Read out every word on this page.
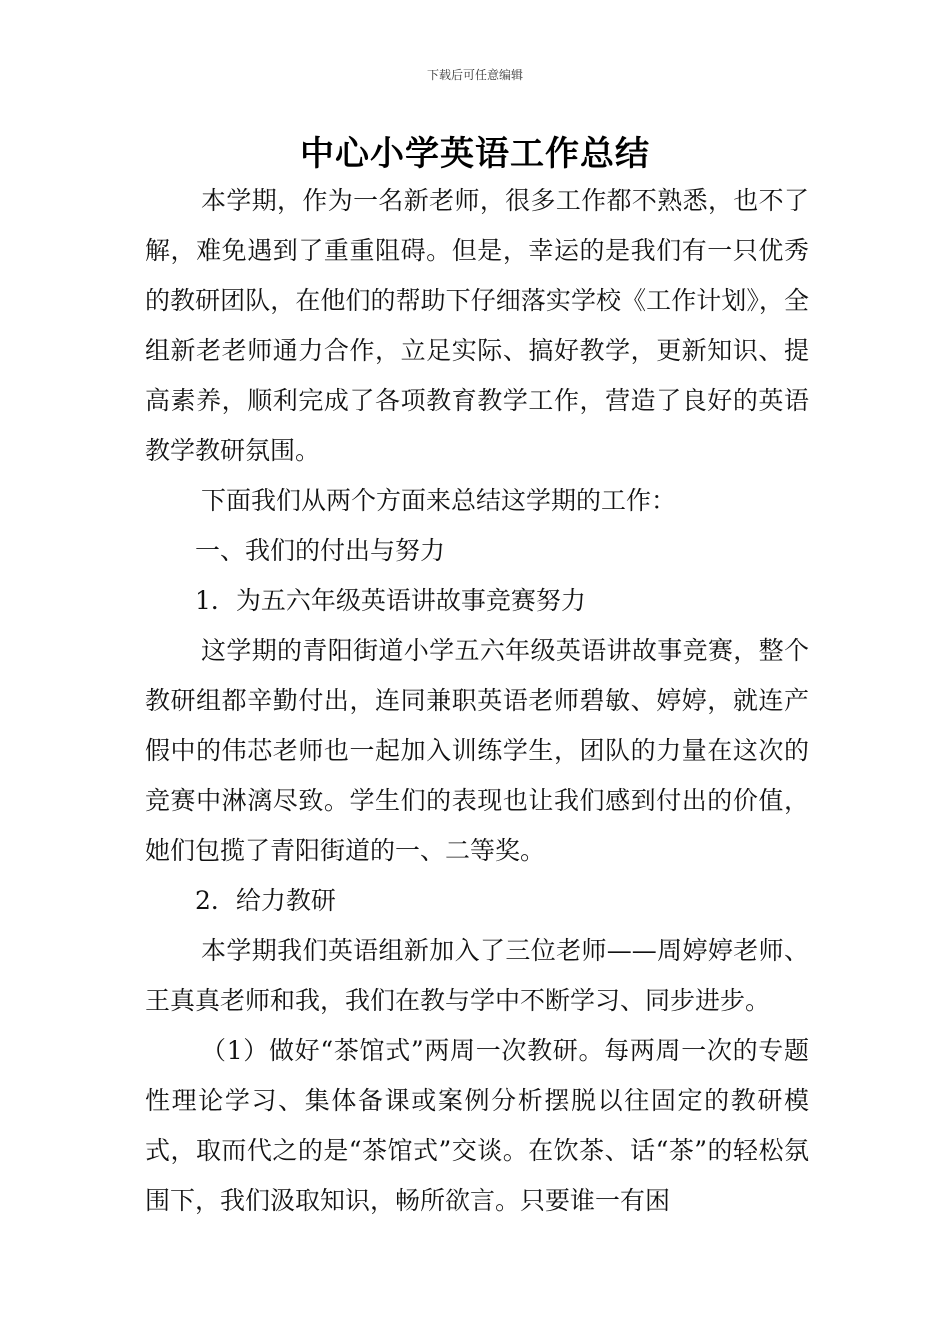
下载后可任意编辑
中心小学英语工作总结

本学期，作为一名新老师，很多工作都不熟悉，也不了解，难免遇到了重重阻碍。但是，幸运的是我们有一只优秀的教研团队，在他们的帮助下仔细落实学校《工作计划》，全组新老老师通力合作，立足实际、搞好教学，更新知识、提高素养，顺利完成了各项教育教学工作，营造了良好的英语教学教研氛围。

下面我们从两个方面来总结这学期的工作：

一、我们的付出与努力

1．为五六年级英语讲故事竞赛努力

这学期的青阳街道小学五六年级英语讲故事竞赛，整个教研组都辛勤付出，连同兼职英语老师碧敏、婷婷，就连产假中的伟芯老师也一起加入训练学生，团队的力量在这次的竞赛中淋漓尽致。学生们的表现也让我们感到付出的价值，她们包揽了青阳街道的一、二等奖。

2．给力教研

本学期我们英语组新加入了三位老师——周婷婷老师、王真真老师和我，我们在教与学中不断学习、同步进步。

（1）做好“茶馆式”两周一次教研。每两周一次的专题性理论学习、集体备课或案例分析摆脱以往固定的教研模式，取而代之的是“茶馆式”交谈。在饮茶、话“茶”的轻松氛围下，我们汲取知识，畅所欲言。只要谁一有困
